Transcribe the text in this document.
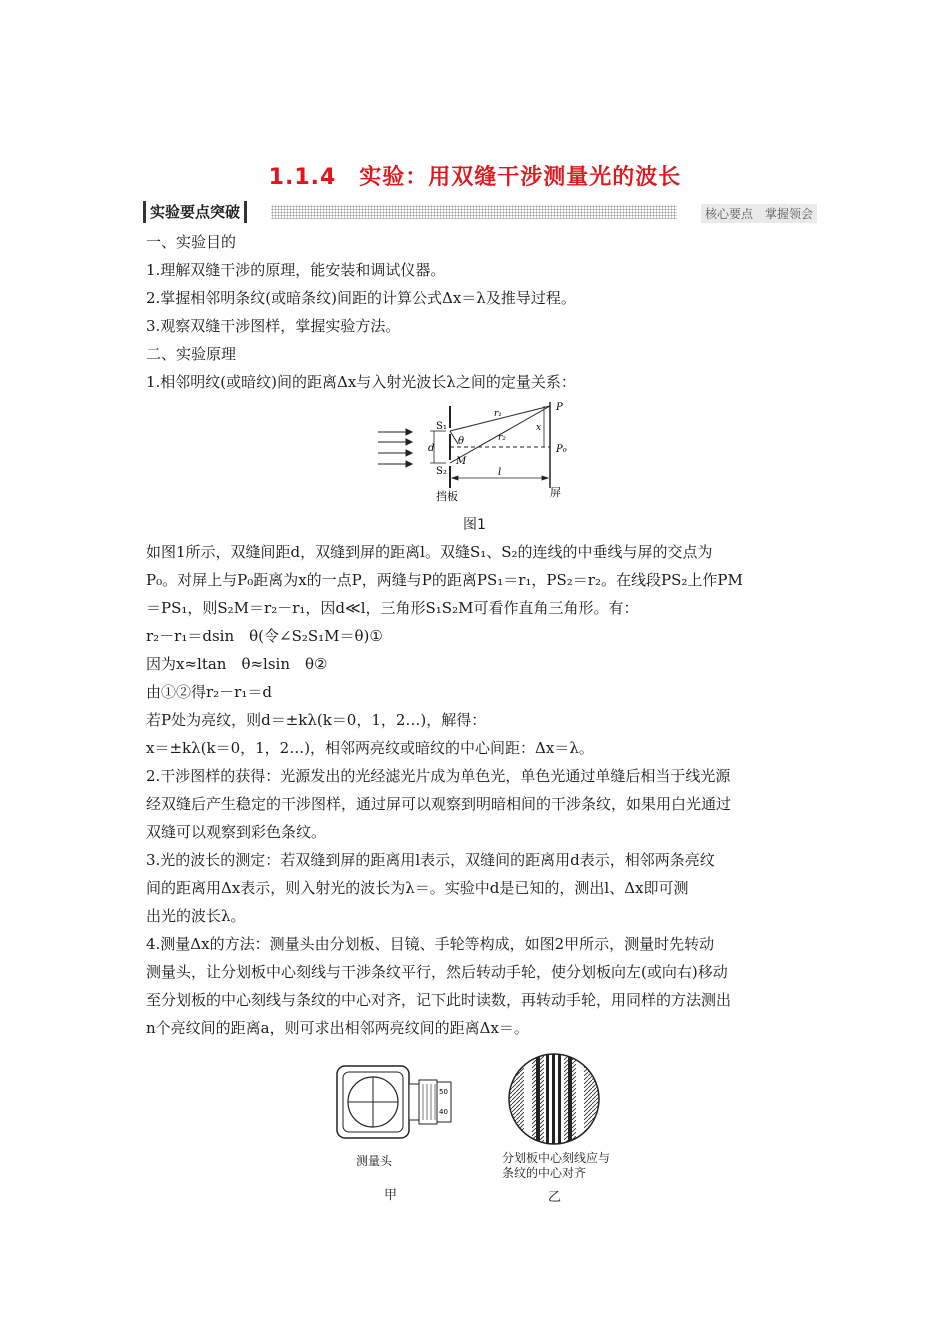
1.1.4　实验：用双缝干涉测量光的波长
实验要点突破	核心要点　掌握领会

一、实验目的

1.理解双缝干涉的原理，能安装和调试仪器。

2.掌握相邻明条纹(或暗条纹)间距的计算公式Δx＝λ及推导过程。

3.观察双缝干涉图样，掌握实验方法。

二、实验原理

1.相邻明纹(或暗纹)间的距离Δx与入射光波长λ之间的定量关系：

S₁
S₂
d
θ
M
r₁
r₂
P
P₀
x
l
挡板	屏
图1

如图1所示，双缝间距d，双缝到屏的距离l。双缝S₁、S₂的连线的中垂线与屏的交点为

P₀。对屏上与P₀距离为x的一点P，两缝与P的距离PS₁＝r₁，PS₂＝r₂。在线段PS₂上作PM

＝PS₁，则S₂M＝r₂－r₁，因d≪l，三角形S₁S₂M可看作直角三角形。有：

r₂－r₁＝dsin　θ(令∠S₂S₁M＝θ)①

因为x≈ltan　θ≈lsin　θ②

由①②得r₂－r₁＝d

若P处为亮纹，则d＝±kλ(k＝0，1，2…)，解得：

x＝±kλ(k＝0，1，2…)，相邻两亮纹或暗纹的中心间距：Δx＝λ。

2.干涉图样的获得：光源发出的光经滤光片成为单色光，单色光通过单缝后相当于线光源

经双缝后产生稳定的干涉图样，通过屏可以观察到明暗相间的干涉条纹，如果用白光通过

双缝可以观察到彩色条纹。

3.光的波长的测定：若双缝到屏的距离用l表示，双缝间的距离用d表示，相邻两条亮纹

间的距离用Δx表示，则入射光的波长为λ＝。实验中d是已知的，测出l、Δx即可测

出光的波长λ。

4.测量Δx的方法：测量头由分划板、目镜、手轮等构成，如图2甲所示，测量时先转动

测量头，让分划板中心刻线与干涉条纹平行，然后转动手轮，使分划板向左(或向右)移动

至分划板的中心刻线与条纹的中心对齐，记下此时读数，再转动手轮，用同样的方法测出

n个亮纹间的距离a，则可求出相邻两亮纹间的距离Δx＝。

50
40
测量头
甲
分划板中心刻线应与
条纹的中心对齐
乙
